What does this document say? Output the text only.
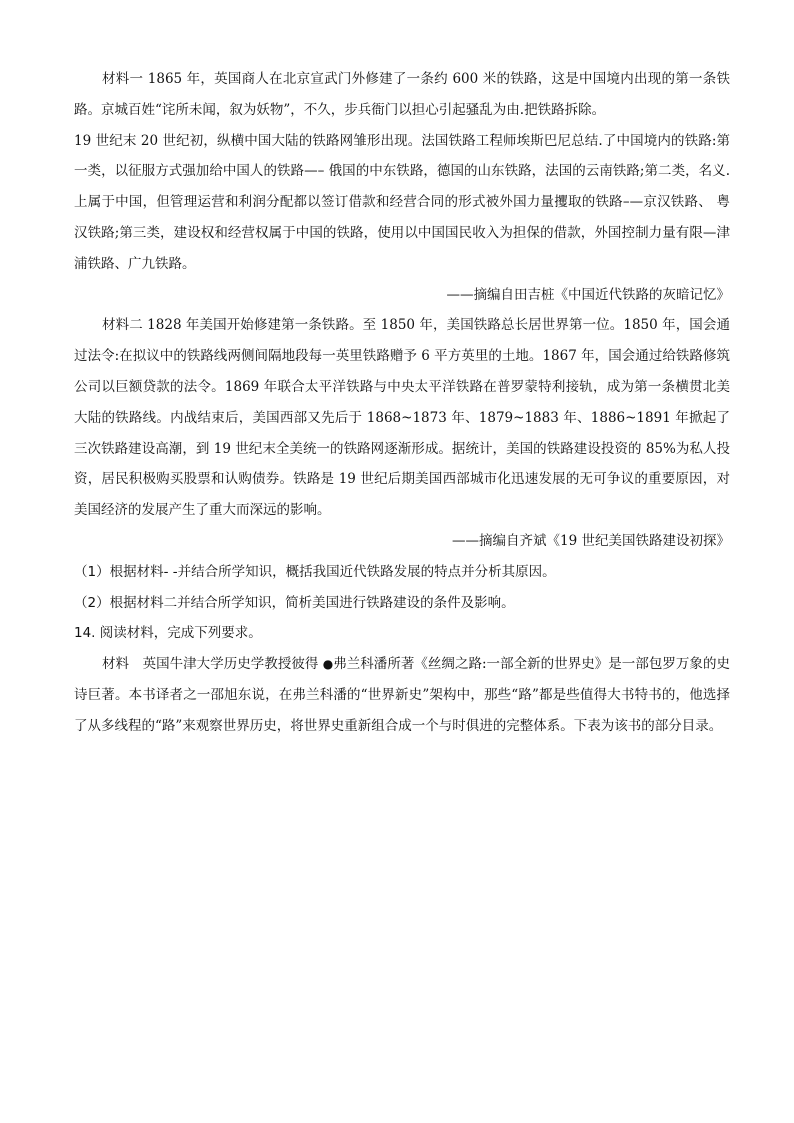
材料一 1865 年，英国商人在北京宣武门外修建了一条约 600 米的铁路，这是中国境内出现的第一条铁路。京城百姓“诧所未闻，叙为妖物”，不久，步兵衙门以担心引起骚乱为由.把铁路拆除。

19 世纪末 20 世纪初，纵横中国大陆的铁路网雏形出现。法国铁路工程师埃斯巴尼总结.了中国境内的铁路:第一类，以征服方式强加给中国人的铁路—– 俄国的中东铁路，德国的山东铁路，法国的云南铁路;第二类，名义.上属于中国，但管理运营和利润分配都以签订借款和经营合同的形式被外国力量攫取的铁路–—京汉铁路、 粤汉铁路;第三类，建设权和经营权属于中国的铁路，使用以中国国民收入为担保的借款，外国控制力量有限—津浦铁路、广九铁路。

——摘编自田吉桩《中国近代铁路的灰暗记忆》

材料二 1828 年美国开始修建第一条铁路。至 1850 年，美国铁路总长居世界第一位。1850 年，国会通过法令:在拟议中的铁路线两侧间隔地段每一英里铁路赠予 6 平方英里的土地。1867 年，国会通过给铁路修筑公司以巨额贷款的法令。1869 年联合太平洋铁路与中央太平洋铁路在普罗蒙特利接轨，成为第一条横贯北美大陆的铁路线。内战结束后，美国西部又先后于 1868~1873 年、1879~1883 年、1886~1891 年掀起了三次铁路建设高潮，到 19 世纪末全美统一的铁路网逐渐形成。据统计，美国的铁路建设投资的 85%为私人投资，居民积极购买股票和认购债券。铁路是 19 世纪后期美国西部城市化迅速发展的无可争议的重要原因，对美国经济的发展产生了重大而深远的影响。

——摘编自齐斌《19 世纪美国铁路建设初探》

（1）根据材料- -并结合所学知识，概括我国近代铁路发展的特点并分析其原因。

（2）根据材料二并结合所学知识，简析美国进行铁路建设的条件及影响。

14. 阅读材料，完成下列要求。

材料　英国牛津大学历史学教授彼得 ●弗兰科潘所著《丝绸之路:一部全新的世界史》是一部包罗万象的史诗巨著。本书译者之一邵旭东说，在弗兰科潘的“世界新史”架构中，那些“路”都是些值得大书特书的，他选择了从多线程的“路”来观察世界历史，将世界史重新组合成一个与时俱进的完整体系。下表为该书的部分目录。
